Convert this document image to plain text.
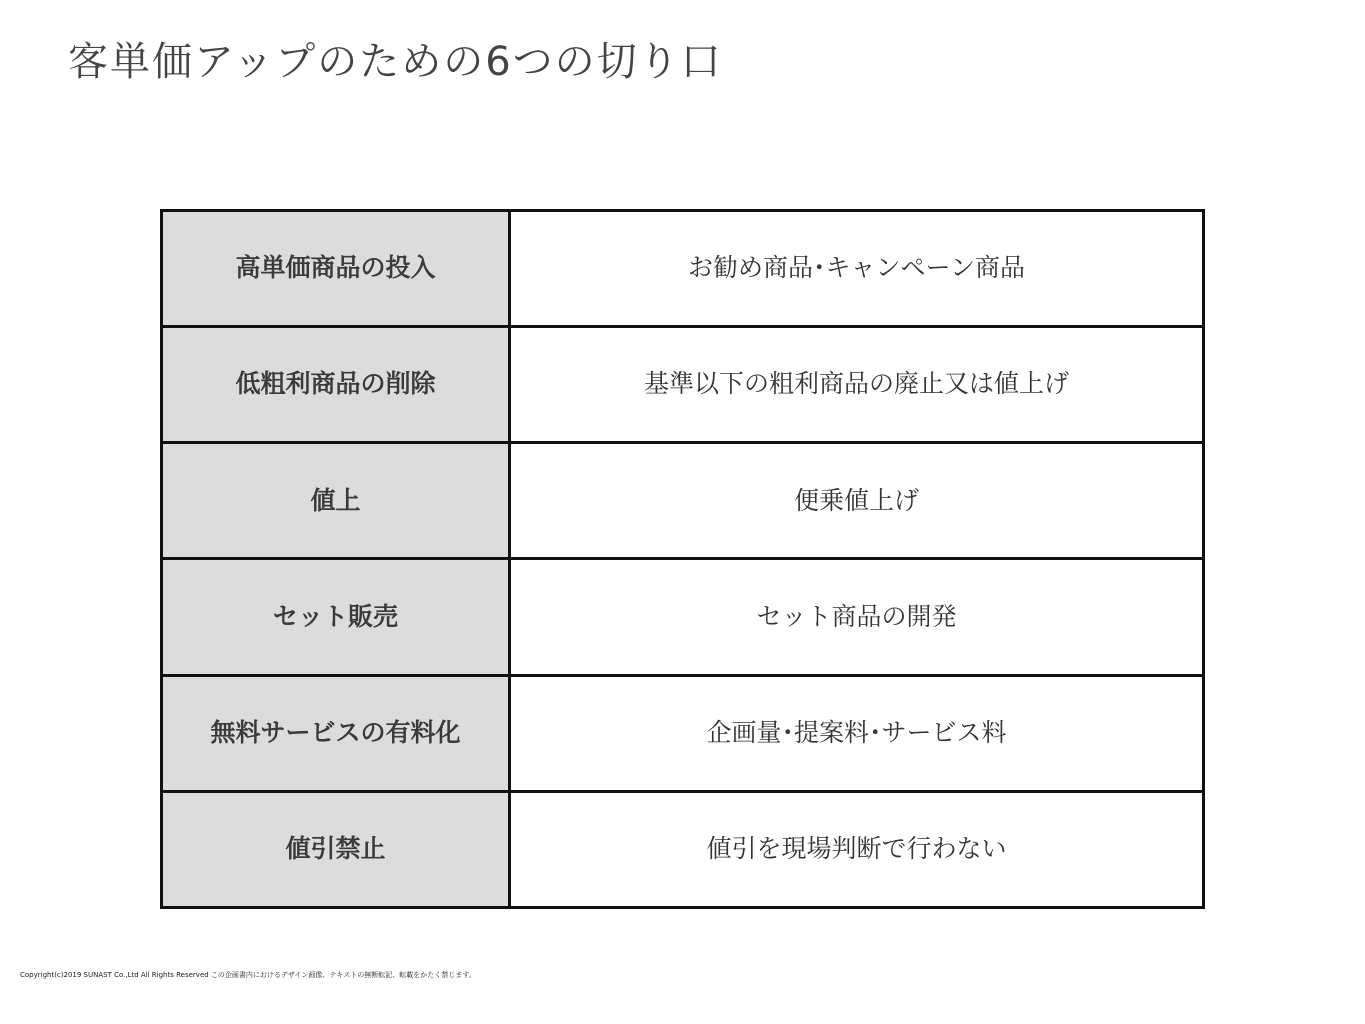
客単価アップのための6つの切り口
高単価商品の投入	お勧め商品･キャンペーン商品
低粗利商品の削除	基準以下の粗利商品の廃止又は値上げ
値上	便乗値上げ
セット販売	セット商品の開発
無料サービスの有料化	企画量･提案料･サービス料
値引禁止	値引を現場判断で行わない
Copyright(c)2019 SUNAST Co.,Ltd All Rights Reserved この企画書内におけるデザイン画像、テキストの無断転記、転載をかたく禁じます。
